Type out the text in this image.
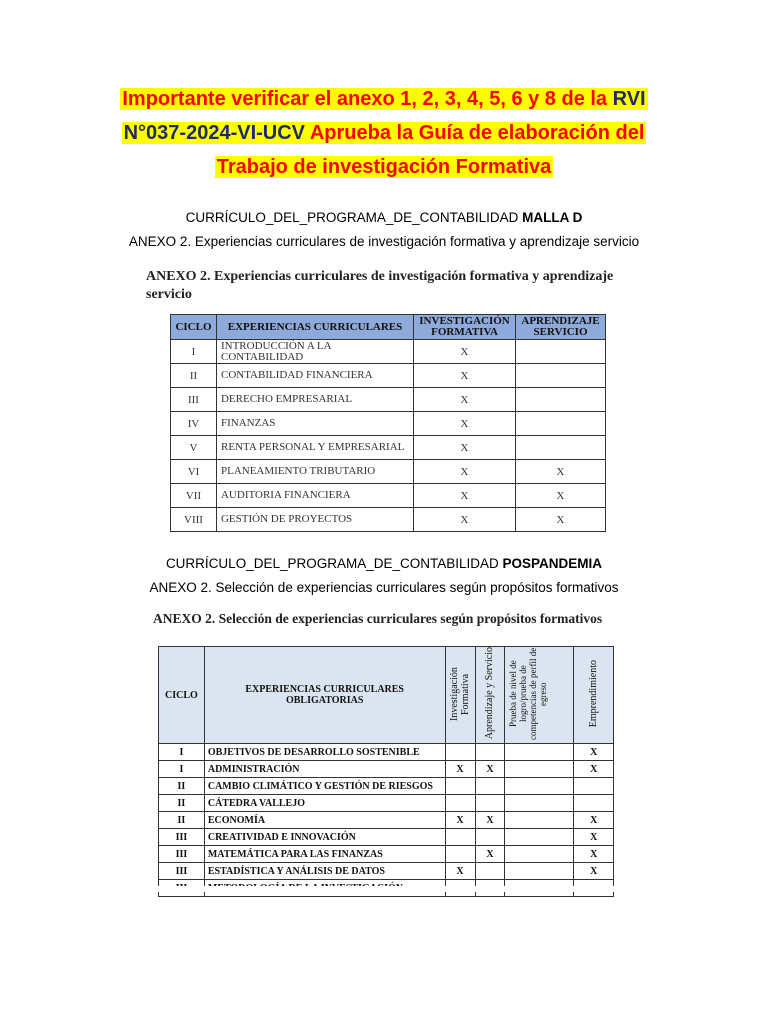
Importante verificar el anexo 1, 2, 3, 4, 5, 6 y 8 de la RVI
N°037-2024-VI-UCV Aprueba la Guía de elaboración del
Trabajo de investigación Formativa
CURRÍCULO_DEL_PROGRAMA_DE_CONTABILIDAD MALLA D
ANEXO 2. Experiencias curriculares de investigación formativa y aprendizaje servicio
ANEXO 2. Experiencias curriculares de investigación formativa y aprendizaje
servicio
CICLO	EXPERIENCIAS CURRICULARES	INVESTIGACIÓN FORMATIVA	APRENDIZAJE SERVICIO
I	INTRODUCCIÓN A LA CONTABILIDAD	X	
II	CONTABILIDAD FINANCIERA	X	
III	DERECHO EMPRESARIAL	X	
IV	FINANZAS	X	
V	RENTA PERSONAL Y EMPRESARIAL	X	
VI	PLANEAMIENTO TRIBUTARIO	X	X
VII	AUDITORIA FINANCIERA	X	X
VIII	GESTIÓN DE PROYECTOS	X	X
CURRÍCULO_DEL_PROGRAMA_DE_CONTABILIDAD POSPANDEMIA
ANEXO 2. Selección de experiencias curriculares según propósitos formativos
ANEXO 2. Selección de experiencias curriculares según propósitos formativos
CICLO	EXPERIENCIAS CURRICULARES OBLIGATORIAS	Investigación Formativa	Aprendizaje y Servicio	Prueba de nivel de logro/prueba de competencias de perfil de egreso	Emprendimiento
I	OBJETIVOS DE DESARROLLO SOSTENIBLE				X
I	ADMINISTRACIÓN	X	X		X
II	CAMBIO CLIMÁTICO Y GESTIÓN DE RIESGOS				
II	CÁTEDRA VALLEJO				
II	ECONOMÍA	X	X		X
III	CREATIVIDAD E INNOVACIÓN				X
III	MATEMÁTICA PARA LAS FINANZAS		X		X
III	ESTADÍSTICA Y ANÁLISIS DE DATOS	X			X
